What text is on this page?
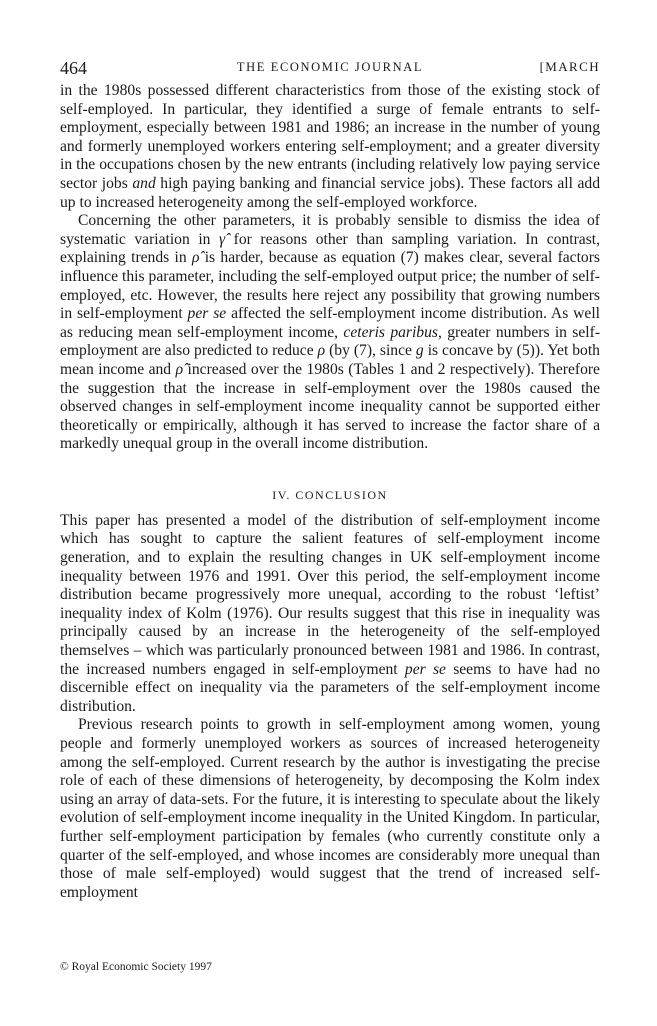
464	THE ECONOMIC JOURNAL	[MARCH

in the 1980s possessed different characteristics from those of the existing stock of self-employed. In particular, they identified a surge of female entrants to self-employment, especially between 1981 and 1986; an increase in the number of young and formerly unemployed workers entering self-employment; and a greater diversity in the occupations chosen by the new entrants (including relatively low paying service sector jobs and high paying banking and financial service jobs). These factors all add up to increased heterogeneity among the self-employed workforce.

Concerning the other parameters, it is probably sensible to dismiss the idea of systematic variation in γ̂ for reasons other than sampling variation. In contrast, explaining trends in ρ̂ is harder, because as equation (7) makes clear, several factors influence this parameter, including the self-employed output price; the number of self-employed, etc. However, the results here reject any possibility that growing numbers in self-employment per se affected the self-employment income distribution. As well as reducing mean self-employment income, ceteris paribus, greater numbers in self-employment are also predicted to reduce ρ (by (7), since g is concave by (5)). Yet both mean income and ρ̂ increased over the 1980s (Tables 1 and 2 respectively). Therefore the suggestion that the increase in self-employment over the 1980s caused the observed changes in self-employment income inequality cannot be supported either theoretically or empirically, although it has served to increase the factor share of a markedly unequal group in the overall income distribution.

IV. CONCLUSION

This paper has presented a model of the distribution of self-employment income which has sought to capture the salient features of self-employment income generation, and to explain the resulting changes in UK self-employment income inequality between 1976 and 1991. Over this period, the self-employment income distribution became progressively more unequal, according to the robust ‘leftist’ inequality index of Kolm (1976). Our results suggest that this rise in inequality was principally caused by an increase in the heterogeneity of the self-employed themselves – which was particularly pronounced between 1981 and 1986. In contrast, the increased numbers engaged in self-employment per se seems to have had no discernible effect on inequality via the parameters of the self-employment income distribution.

Previous research points to growth in self-employment among women, young people and formerly unemployed workers as sources of increased heterogeneity among the self-employed. Current research by the author is investigating the precise role of each of these dimensions of heterogeneity, by decomposing the Kolm index using an array of data-sets. For the future, it is interesting to speculate about the likely evolution of self-employment income inequality in the United Kingdom. In particular, further self-employment participation by females (who currently constitute only a quarter of the self-employed, and whose incomes are considerably more unequal than those of male self-employed) would suggest that the trend of increased self-employment

© Royal Economic Society 1997
